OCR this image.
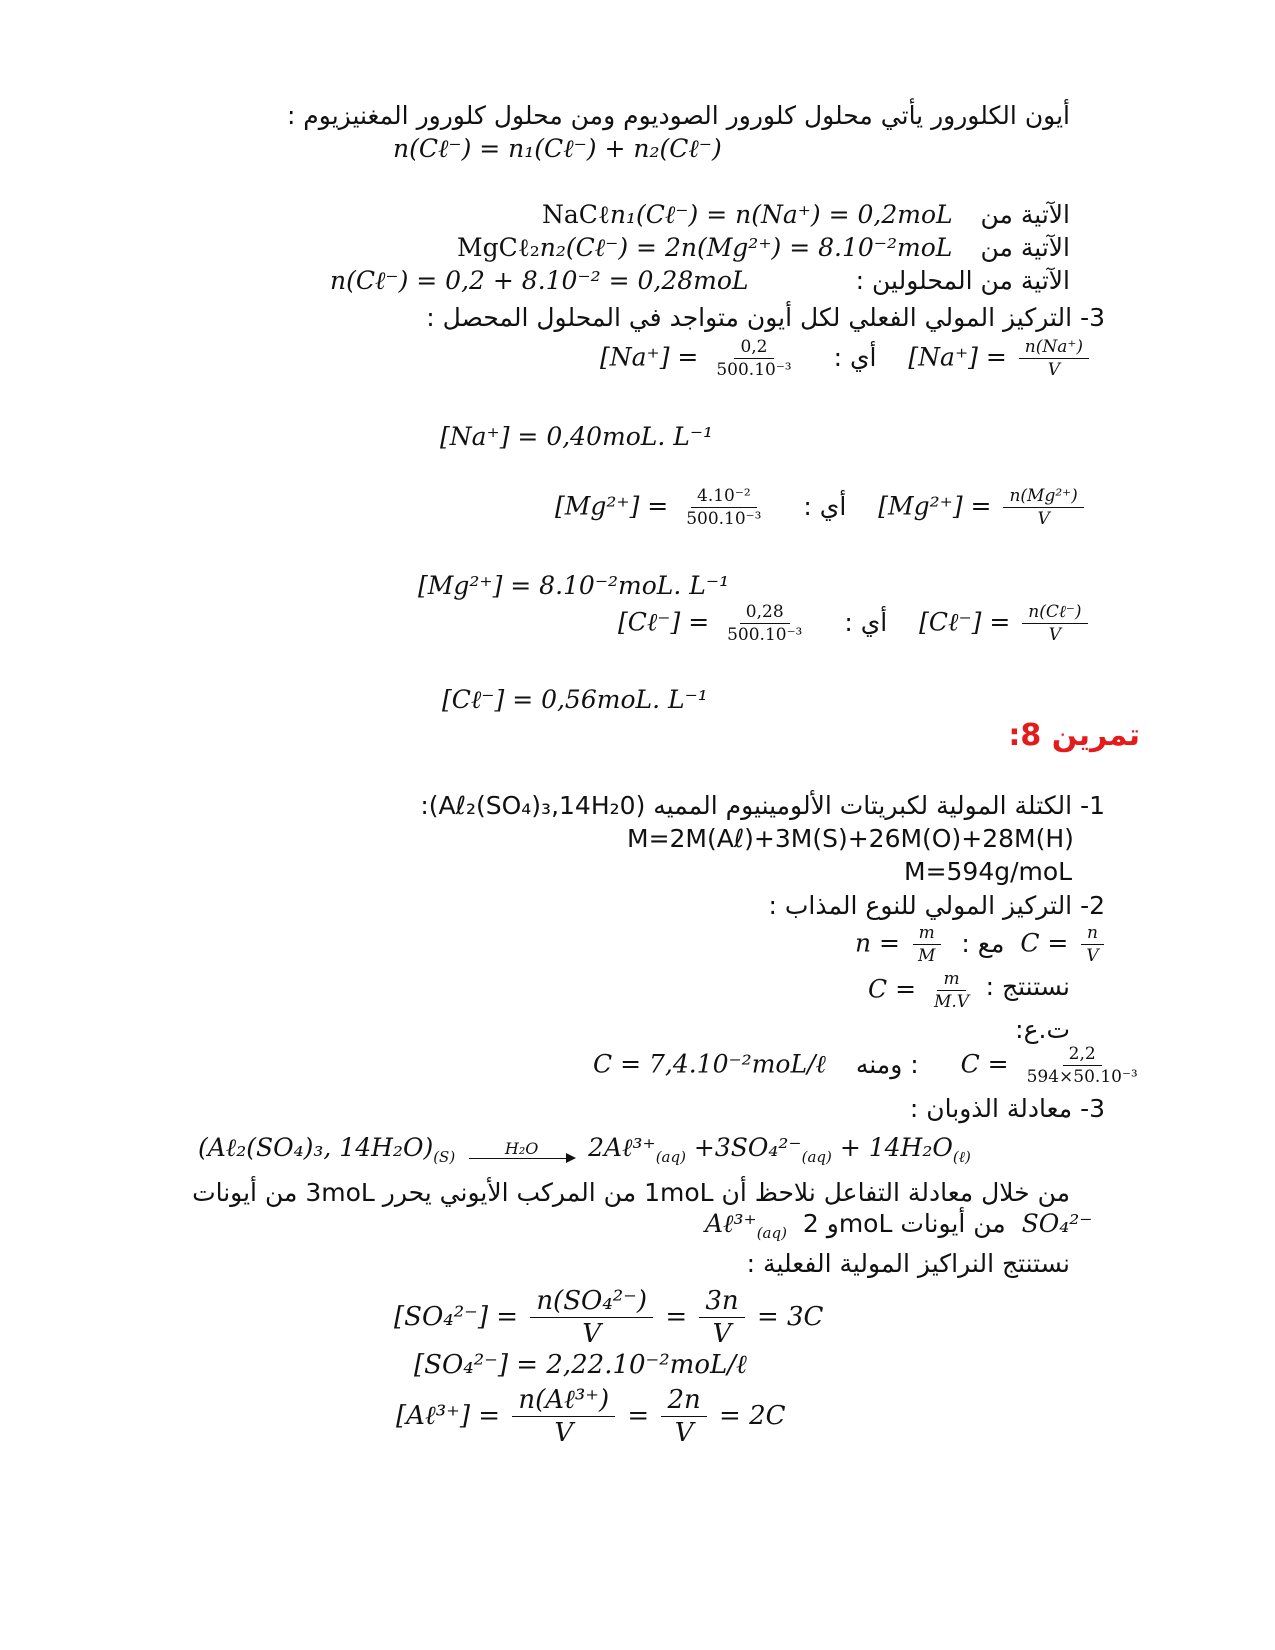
أيون الكلورور يأتي محلول كلورور الصوديوم ومن محلول كلورور المغنيزيوم :
n(Cℓ⁻) = n₁(Cℓ⁻) + n₂(Cℓ⁻)
NaCℓn₁(Cℓ⁻) = n(Na⁺) = 0,2moL الآتية من
MgCℓ₂n₂(Cℓ⁻) = 2n(Mg²⁺) = 8.10⁻²moL الآتية من
n(Cℓ⁻) = 0,2 + 8.10⁻² = 0,28moL	الآتية من المحلولين :
3- التركيز المولي الفعلي لكل أيون متواجد في المحلول المحصل :
$[Na^+] = \frac{0,2}{\text{500.10⁻³}}$ : أي $[Na^+] = \frac{n(Na^+)}{V}$
[Na⁺] = 0,40moL. L⁻¹
$[Mg^{2+}] = \frac{\text{4.10⁻²}}{\text{500.10⁻³}}$ : أي $[Mg^{2+}] = \frac{\text{n(Mg²⁺)}}{V}$
[Mg²⁺] = 8.10⁻²moL. L⁻¹
[Cℓ⁻] = $\frac{0,28}{\text{500.10⁻³}}$ : أي [Cℓ⁻] = $\frac{\text{n(Cℓ⁻)}}{V}$
[Cℓ⁻] = 0,56moL. L⁻¹
تمرين 8:
1- الكتلة المولية لكبريتات الألومينيوم المميه (Aℓ₂(SO₄)₃,14H₂0):
M=2M(Aℓ)+3M(S)+26M(O)+28M(H)
M=594g/moL
2- التركيز المولي للنوع المذاب :
$n = \frac{m}{M}$ : مع $C = \frac{n}{V}$
$C = \frac{m}{M.V}$ نستنتج :
ت.ع:
C = 7,4.10⁻²moL/ℓ ومنه : $C = \frac{2,2}{\text{594×50.10⁻³}}$
3- معادلة الذوبان :
(Aℓ₂(SO₄)₃, $14H_2O)_{(S)}$	H₂O $2A\ell^{3+}_{(aq)} +3SO_4^{2-}_{(aq)} + 14H_2O_{(\ell)}$
من خلال معادلة التفاعل نلاحظ أن 1moL من المركب الأيوني يحرر 3moL من أيونات
$A\ell^{3+}_{(aq)}$ و 2moL من أيونات SO₄²⁻
نستنتج النراكيز المولية الفعلية :
$[SO_4^{2-}] = \frac{\text{n(SO₄²⁻)}}{V} = \frac{3n}{V} = 3C$
[SO₄²⁻] = 2,22.10⁻²moL/ℓ
[Aℓ³⁺] = $\frac{\text{n(Aℓ³⁺)}}{V} = \frac{2n}{V} = 2C$
